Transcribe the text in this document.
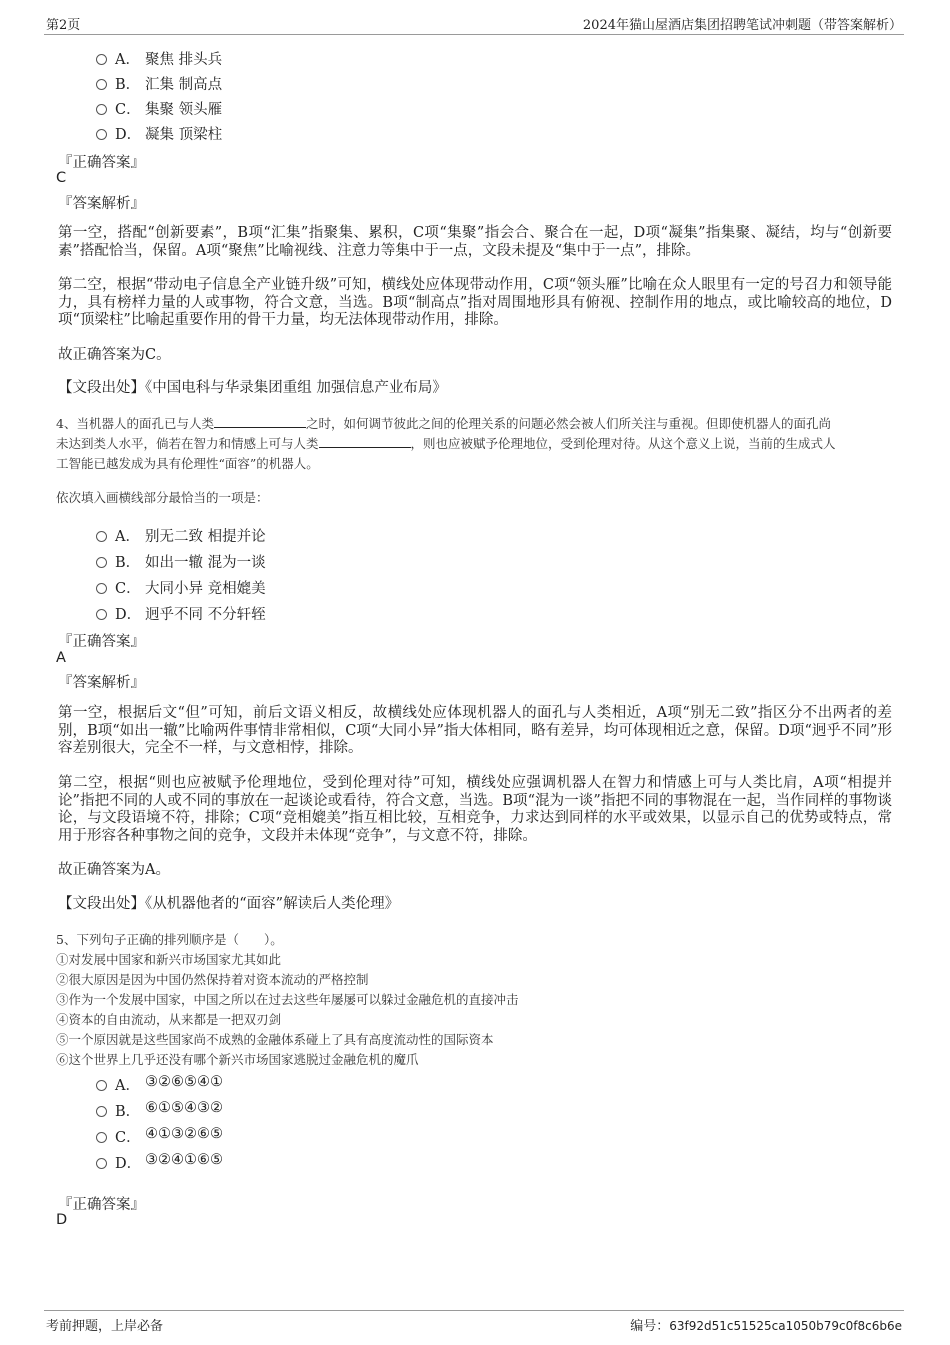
第2页	2024年猫山屋酒店集团招聘笔试冲刺题（带答案解析）
A． 聚焦 排头兵
B． 汇集 制高点
C． 集聚 领头雁
D． 凝集 顶梁柱
『正确答案』
C
『答案解析』
第一空，搭配“创新要素”，B项“汇集”指聚集、累积，C项“集聚”指会合、聚合在一起，D项“凝集”指集聚、凝结，均与“创新要素”搭配恰当，保留。A项“聚焦”比喻视线、注意力等集中于一点，文段未提及“集中于一点”，排除。
第二空，根据“带动电子信息全产业链升级”可知，横线处应体现带动作用，C项“领头雁”比喻在众人眼里有一定的号召力和领导能力，具有榜样力量的人或事物，符合文意，当选。B项“制高点”指对周围地形具有俯视、控制作用的地点，或比喻较高的地位，D项“顶梁柱”比喻起重要作用的骨干力量，均无法体现带动作用，排除。
故正确答案为C。
【文段出处】《中国电科与华录集团重组 加强信息产业布局》
4、当机器人的面孔已与人类	之时，如何调节彼此之间的伦理关系的问题必然会被人们所关注与重视。但即使机器人的面孔尚
未达到类人水平，倘若在智力和情感上可与人类	，则也应被赋予伦理地位，受到伦理对待。从这个意义上说，当前的生成式人
工智能已越发成为具有伦理性“面容”的机器人。
依次填入画横线部分最恰当的一项是：
A． 别无二致 相提并论
B． 如出一辙 混为一谈
C． 大同小异 竞相媲美
D． 迥乎不同 不分轩轾
『正确答案』
A
『答案解析』
第一空，根据后文“但”可知，前后文语义相反，故横线处应体现机器人的面孔与人类相近，A项“别无二致”指区分不出两者的差别，B项“如出一辙”比喻两件事情非常相似，C项“大同小异”指大体相同，略有差异，均可体现相近之意，保留。D项“迥乎不同”形容差别很大，完全不一样，与文意相悖，排除。
第二空，根据“则也应被赋予伦理地位，受到伦理对待”可知，横线处应强调机器人在智力和情感上可与人类比肩，A项“相提并论”指把不同的人或不同的事放在一起谈论或看待，符合文意，当选。B项“混为一谈”指把不同的事物混在一起，当作同样的事物谈论，与文段语境不符，排除；C项“竞相媲美”指互相比较，互相竞争，力求达到同样的水平或效果，以显示自己的优势或特点，常用于形容各种事物之间的竞争，文段并未体现“竞争”，与文意不符，排除。
故正确答案为A。
【文段出处】《从机器他者的“面容”解读后人类伦理》
5、下列句子正确的排列顺序是（　　）。
①对发展中国家和新兴市场国家尤其如此
②很大原因是因为中国仍然保持着对资本流动的严格控制
③作为一个发展中国家，中国之所以在过去这些年屡屡可以躲过金融危机的直接冲击
④资本的自由流动，从来都是一把双刃剑
⑤一个原因就是这些国家尚不成熟的金融体系碰上了具有高度流动性的国际资本
⑥这个世界上几乎还没有哪个新兴市场国家逃脱过金融危机的魔爪
A． ③②⑥⑤④①
B． ⑥①⑤④③②
C． ④①③②⑥⑤
D． ③②④①⑥⑤
『正确答案』
D
考前押题，上岸必备	编号：63f92d51c51525ca1050b79c0f8c6b6e
